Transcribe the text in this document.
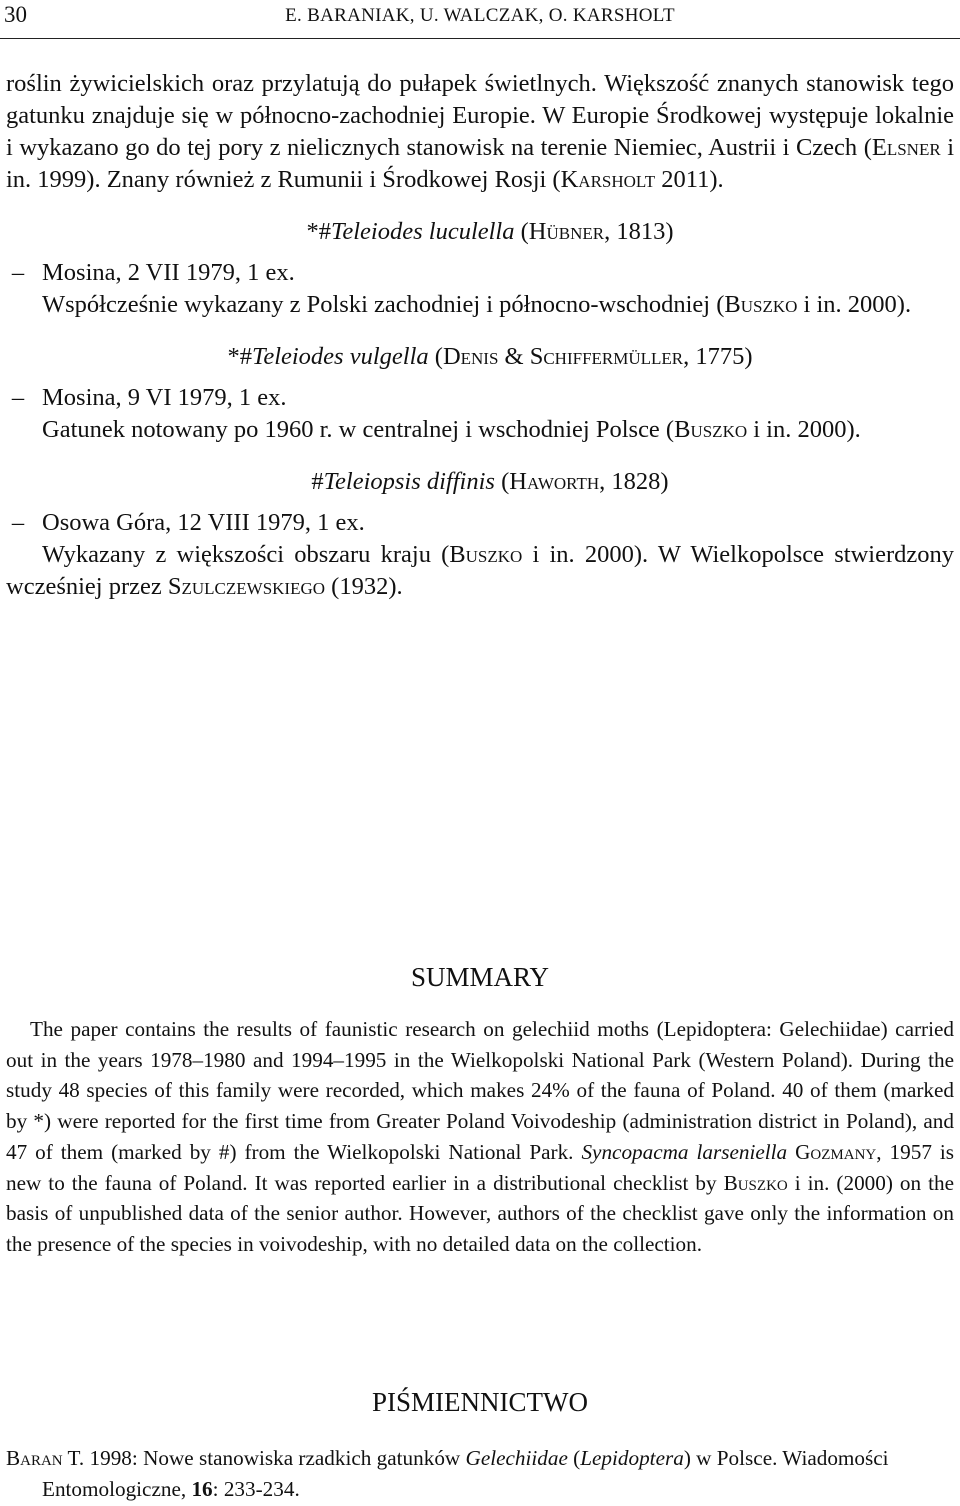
30	E. BARANIAK, U. WALCZAK, O. KARSHOLT

roślin żywicielskich oraz przylatują do pułapek świetlnych. Większość znanych stanowisk tego gatunku znajduje się w północno-zachodniej Europie. W Europie Środkowej występuje lokalnie i wykazano go do tej pory z nielicznych stanowisk na terenie Niemiec, Austrii i Czech (Elsner i in. 1999). Znany również z Rumunii i Środkowej Rosji (Karsholt 2011).

*#Teleiodes luculella (Hübner, 1813)

– Mosina, 2 VII 1979, 1 ex.

Współcześnie wykazany z Polski zachodniej i północno-wschodniej (Buszko i in. 2000).

*#Teleiodes vulgella (Denis & Schiffermüller, 1775)

– Mosina, 9 VI 1979, 1 ex.

Gatunek notowany po 1960 r. w centralnej i wschodniej Polsce (Buszko i in. 2000).

#Teleiopsis diffinis (Haworth, 1828)

– Osowa Góra, 12 VIII 1979, 1 ex.

Wykazany z większości obszaru kraju (Buszko i in. 2000). W Wielkopolsce stwierdzony wcześniej przez Szulczewskiego (1932).

SUMMARY

The paper contains the results of faunistic research on gelechiid moths (Lepidoptera: Gelechiidae) carried out in the years 1978–1980 and 1994–1995 in the Wielkopolski National Park (Western Poland). During the study 48 species of this family were recorded, which makes 24% of the fauna of Poland. 40 of them (marked by *) were reported for the first time from Greater Poland Voivodeship (administration district in Poland), and 47 of them (marked by #) from the Wielkopolski National Park. Syncopacma larseniella Gozmany, 1957 is new to the fauna of Poland. It was reported earlier in a distributional checklist by Buszko i in. (2000) on the basis of unpublished data of the senior author. However, authors of the checklist gave only the information on the presence of the species in voivodeship, with no detailed data on the collection.

PIŚMIENNICTWO

Baran T. 1998: Nowe stanowiska rzadkich gatunków Gelechiidae (Lepidoptera) w Polsce. Wiadomości Entomologiczne, 16: 233-234.
